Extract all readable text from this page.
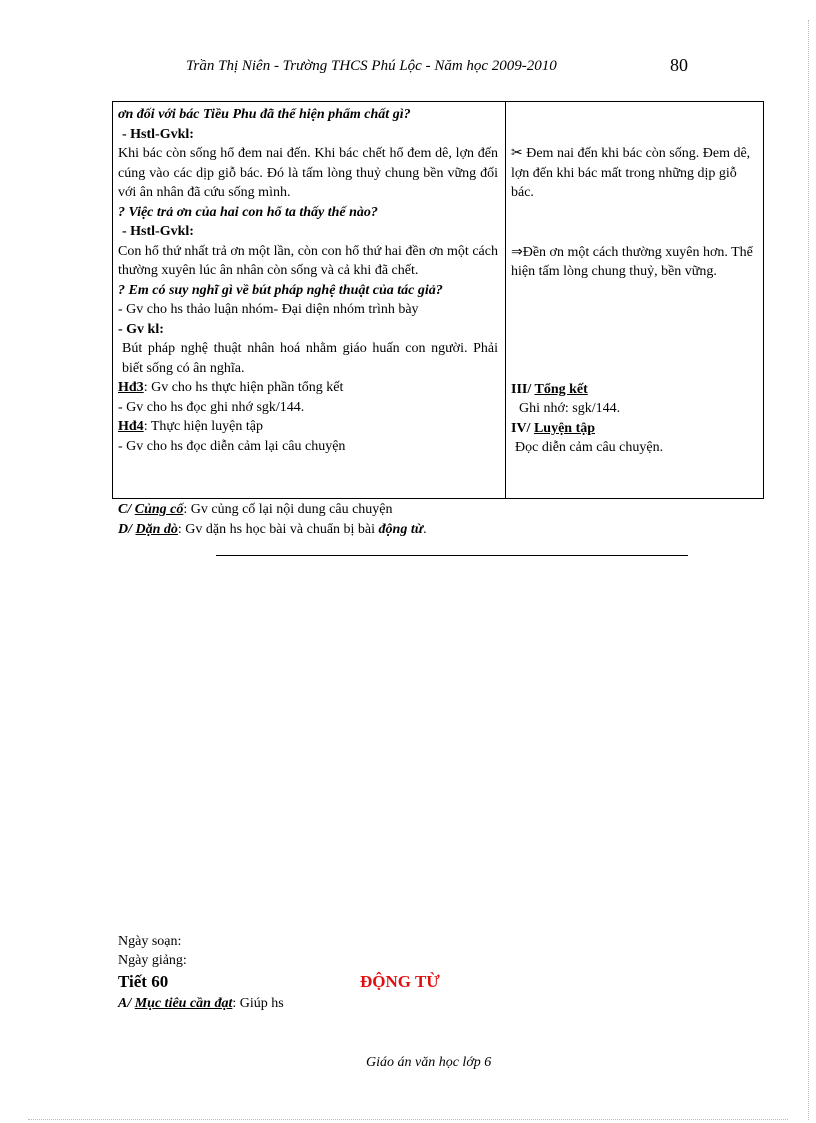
Trần Thị Niên - Trường THCS Phú Lộc - Năm học 2009-2010	80
ơn đối với bác Tiều Phu đã thể hiện phẩm chất gì?
- Hstl-Gvkl:
Khi bác còn sống hổ đem nai đến. Khi bác chết hổ đem dê, lợn đến cúng vào các dịp giỗ bác. Đó là tấm lòng thuỷ chung bền vững đối với ân nhân đã cứu sống mình.
? Việc trả ơn của hai con hổ ta thấy thế nào?
- Hstl-Gvkl:
Con hổ thứ nhất trả ơn một lần, còn con hổ thứ hai đền ơn một cách thường xuyên lúc ân nhân còn sống và cả khi đã chết.
? Em có suy nghĩ gì về bút pháp nghệ thuật của tác giả?
- Gv cho hs thảo luận nhóm- Đại diện nhóm trình bày
- Gv kl:
Bút pháp nghệ thuật nhân hoá nhằm giáo huấn con người. Phải biết sống có ân nghĩa.
Hđ3: Gv cho hs thực hiện phần tổng kết
- Gv cho hs đọc ghi nhớ sgk/144.
Hđ4: Thực hiện luyện tập
- Gv cho hs đọc diễn cảm lại câu chuyện
✂ Đem nai đến khi bác còn sống. Đem dê, lợn đến khi bác mất trong những dịp giỗ bác.
⇒Đền ơn một cách thường xuyên hơn. Thể hiện tấm lòng chung thuỷ, bền vững.
III/ Tổng kết
Ghi nhớ: sgk/144.
IV/ Luyện tập
Đọc diễn cảm câu chuyện.
C/ Củng cố: Gv củng cố lại nội dung câu chuyện
D/ Dặn dò: Gv dặn hs học bài và chuẩn bị bài động từ.
Ngày soạn:
Ngày giảng:
Tiết 60	ĐỘNG TỪ
A/ Mục tiêu cần đạt: Giúp hs
Giáo án văn học lớp 6
